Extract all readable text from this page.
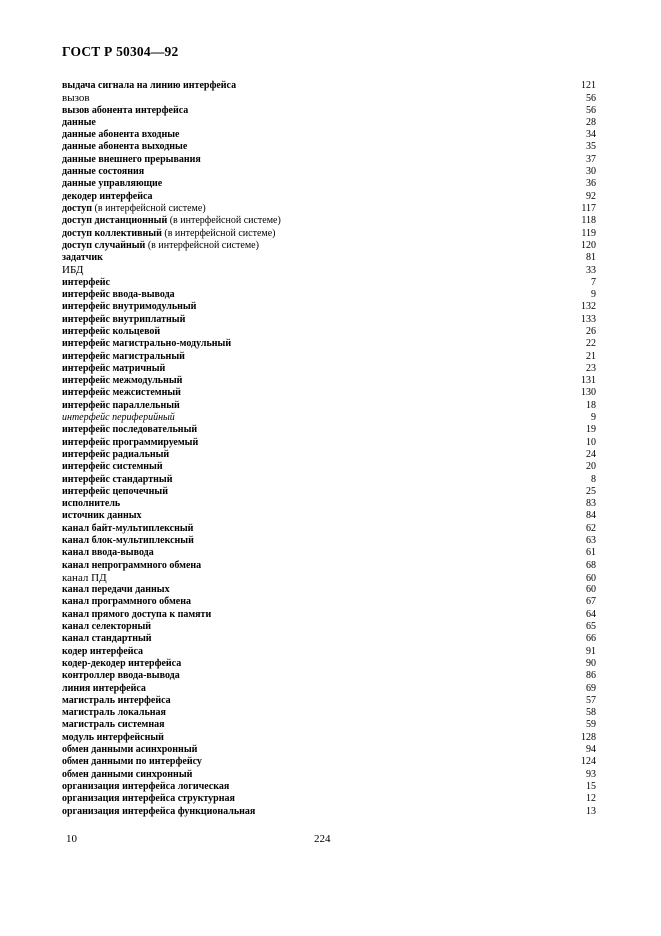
ГОСТ Р 50304—92
выдача сигнала на линию интерфейса	121
вызов	56
вызов абонента интерфейса	56
данные	28
данные абонента входные	34
данные абонента выходные	35
данные внешнего прерывания	37
данные состояния	30
данные управляющие	36
декодер интерфейса	92
доступ (в интерфейсной системе)	117
доступ дистанционный (в интерфейсной системе)	118
доступ коллективный (в интерфейсной системе)	119
доступ случайный (в интерфейсной системе)	120
задатчик	81
ИБД	33
интерфейс	7
интерфейс ввода-вывода	9
интерфейс внутримодульный	132
интерфейс внутриплатный	133
интерфейс кольцевой	26
интерфейс магистрально-модульный	22
интерфейс магистральный	21
интерфейс матричный	23
интерфейс межмодульный	131
интерфейс межсистемный	130
интерфейс параллельный	18
интерфейс периферийный	9
интерфейс последовательный	19
интерфейс программируемый	10
интерфейс радиальный	24
интерфейс системный	20
интерфейс стандартный	8
интерфейс цепочечный	25
исполнитель	83
источник данных	84
канал байт-мультиплексный	62
канал блок-мультиплексный	63
канал ввода-вывода	61
канал непрограммного обмена	68
канал ПД	60
канал передачи данных	60
канал программного обмена	67
канал прямого доступа к памяти	64
канал селекторный	65
канал стандартный	66
кодер интерфейса	91
кодер-декодер интерфейса	90
контроллер ввода-вывода	86
линия интерфейса	69
магистраль интерфейса	57
магистраль локальная	58
магистраль системная	59
модуль интерфейсный	128
обмен данными асинхронный	94
обмен данными по интерфейсу	124
обмен данными синхронный	93
организация интерфейса логическая	15
организация интерфейса структурная	12
организация интерфейса функциональная	13
10	224
